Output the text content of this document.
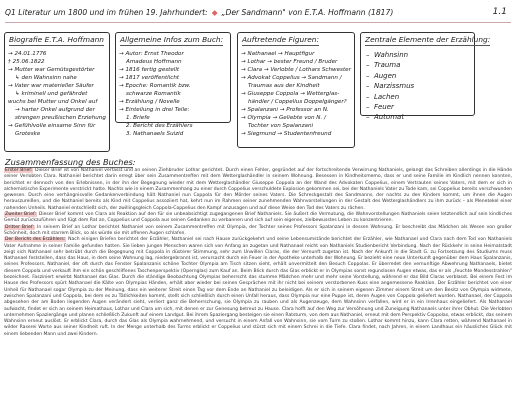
Q1 Literatur um 1800 und im frühen 19. Jahrhundert: ◆ „Der Sandmann" von E.T.A. Hoffmann (1817)	1.1
Biografie E.T.A. Hoffmann
→ 24.01.1776
† 25.06.1822
→ Mutter war Gemütsgestörter
↳ den Wahnsinn nahe
→ Vater war materieller Säufer
↳ kriminell und gefährdet
wuchs bei Mutter und Onkel auf
→ harter Onkel aufgrund der
strengen preußischen Erziehung
→ Gefühlvolle einsame Sinn für
Groteske
Allgemeine Infos zum Buch:
→ Autor: Ernst Theodor
Amadeus Hoffmann
→ 1816 fertig gestellt
→ 1817 veröffentlicht
→ Epoche: Romantik bzw.
schwarze Romantik
→ Erzählung / Novelle
→ Einteilung in drei Teile:
1. Briefe
2. Bericht des Erzählers
3. Nathanaels Suizid
Auftretende Figuren:
→ Nathanael → Hauptfigur
→ Lothar → bester Freund / Bruder
→ Clara → Verlobte / Lothars Schwester
→ Advokat Coppelius → Sandmann /
Traumas aus der Kindheit
→ Giuseppe Coppola → Wetterglas-
händler / Coppelius Doppelgänger?
→ Spalanzani → Professor an N.
→ Olympia → Geliebte von N. /
Tochter von Spalanzani
→ Siegmund → Studentenfreund
Zentrale Elemente der Erzählung:
–  Wahnsinn
–  Trauma
–  Augen
–  Narzissmus
–  Lachen
–  Feuer
–  Automat
Zusammenfassung des Buches:

Erster Brief: Dieser Brief ist von Nathaniel verfasst und an seinen Ziehbruder Lothar gerichtet. Durch einen Fehler, gegründet auf der fortschreitende Verwirrung Nathaniels, gelangt das Schreiben allerdings in die Hände seiner Verlobten Clara. Nathaniel berichtet darin erregt über sein Zusammentreffen mit dem Wetterglashändler in seinem Wohnung. Besessen in Kindheitsmemo, dass er und seine Familie im Kindlich nennen konnten, berichtet er dennoch von den Erlebnissen, in der ihn der Begegnung wieder mit dem Wetterglashändler Giuseppe Coppola an der Wand des Advokaten Coppelius, einem Vertrauten seines Vaters, mit dem er sich in alchemistische Experimente verstrickt hatte. Nachts wie in einem Zusammenhang zu einer durch Coppelius verschuldete Explosion gekommen sei, bei der Nathaniels Vater zu Tode kam, sei Coppelius bereits verschwunden gewesen. Durch eine verhängnisvolle Gedankenverbindung hält Nathaniel nun Coppola für den Mörder seines Vaters. Die Schreckgestalt des Sandmanns, der nachts zu den Kindern kommt, um ihnen die Augen herauszureißen, und die Nathaniel bereits als Kind mit Coppelius assoziiert hat, kehrt nun im Rahmen seiner zunehmenden Wahnvorstellungen in der Gestalt des Wetterglashändlers zu ihm zurück – als Menetekel einer nahenden Unheils. Nathaniel entschließt sich, der zwillingsgleich Coppola-Coppelius den Kampf anzusagen und auf diese Weise den Tod des Vaters zu rächen.

Zweiter Brief: Dieser Brief kommt von Clara als Reaktion auf den für sie unbeabsichtigt zugegangenen Brief Nathaniels. Sie äußert die Vermutung, die Wahnvorstellungen Nathaniels seien letztendlich auf sein kindliches Gemüt zurückzuführen und fügt dem Rat an, Coppelius und Coppola aus seinen Gedanken zu verbannen und sich auf sein eigenes, zielbewusstes Leben zu konzentrieren.

Dritter Brief: In seinem Brief an Lothar berichtet Nathaniel von seinem Zusammentreffen mit Olympia, der Tochter seines Professors Spalanzani in dessen Wohnung. Er beschreibt das Mädchen als Wesen von großer Schönheit, doch mit starrem Blick, so als würde sie mit offenen Augen schlafen.

Der Bericht des Erzählers: Nach einigen Briefen berichtet der Erzähler, Nathaniel sei nach Hause zurückgekehrt und seine Lebensumstände berichtet der Erzähler, wie Nathanael und Clara nach dem Tod von Nathaniels Vater Aufnahme in seiner Familie gefunden hatten. Sie lieben jungen Menschen waren sich von Anfang an zugetan und Nathanael reicht von Nathaniels Studienbericht Verbindung. Nach der Rückkehr in seine Heimatstadt zeigt sich Nathanael sehr betrübt durch die Begegnung mit Coppola in düsterer Stimmung, sehr zum Unwillen Claras, die der Vernunft zugetan ist. Nach der Ankunft in die Stadt G. zu Fortsetzung des Studiums muss Nathanael feststellen, dass das Haus, in dem seine Wohnung lag, niedergebrannt ist, verursacht durch ein Feuer in der Apotheke unterhalb der Wohnung. Er bezieht eine neue Unterkunft gegenüber dem Haus Spalanzanis, seines Professors. Nathaniel, der oft durch das Fenster Spalanzanis schöne Tochter Olympia am Tisch sitzen sieht, erhält unvermittelt den Besuch Coppolas. Er überredet den vernunftige Abwehrung Nathanaels, bietet diesem Coppola und verkauft ihm ein schön geschliffenes Taschenperspektiv (Opernglas) zum Kauf an. Beim Blick durch das Glas erblickt er in Olympias sonst regunslosen Augen etwas, das er als „feuchte Mondesstrahlen" bezeichnet. Fasziniert erwirbt Nathanael das Glas. Durch die ständige Beobachtung Olympias beherrscht das stumme Mädchen mehr und mehr seine Vorstellung, während er das Bild Claras verblasst. Bei einem Fest im Hause des Professors spürt Nathanael die Kälte von Olympias Händen, erhält aber wieder bei seinen Gesprächen mit ihr nicht bei seinem verstorbenen Kuss eine angemessene Reaktion. Der Erzähler berichtet von einer Unheil für Nathanael sogar Olympia zu der Meinung, dass ein weiterer Streit einen Tag vor dem Ende an Nathaniel zu beleidigen. Als er sich in seinem eigenen Zimmer einem Streit um den Besitz von Olympia widmete, zwischen Spalanzani und Coppola, bei dem es zu Tätlichkeiten kommt, stellt sich schließlich durch einen Unfall heraus, dass Olympia nur eine Puppe ist, deren Augen von Coppola geliefert wurden. Nathanael, der Coppola abgesehen der am Boden liegenden Augen verändert sieht, verliert ganz die Beherrschung, sie Olympia zu rauben und als Augenzeuge, dem Wahnsinn verfallen, wird er in ein Irrenhaus eingeliefert. Als Nathanael aufwacht, findet er sich an seinem Heimathaus, Lothar und Clara um sich, mit denen er zur Genesung betreut zu Hause. Clara hofft auf den Weg zur Versöhnung und Zuneigung Nathanaels unter ihrer Obhut. Die Verlobten unternehmen Spaziergänge und planen schließlich Zukunft auf einem Landgut. Bei ihrem Spaziergang besteigen sie einen Ratsturm, von dem aus Nathaniel, erneut mit dem Perspektiv Coppolas, etwas erblickt, das seinem Wahnsinn erneut auslöst. Er erblickt Clara, durch das Glas als Olympia wahrnehmend, und versucht in einem Anfall von Wahnsinn, sie vom Turm zu stoßen. Lothar kommt hinzu, kann Clara retten, während Nathanael in wilder Raserei Worte aus seiner Kindheit ruft. In der Menge unterhalb des Turms erblickt er Coppelius und stürzt sich mit einem Schrei in die Tiefe. Clara findet, nach Jahren, in einem Landhaus ein häusliches Glück mit einem liebenden Mann und zwei Kindern.
